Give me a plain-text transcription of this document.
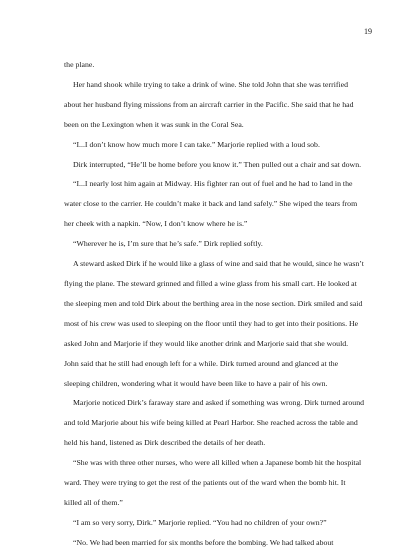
19

the plane.

Her hand shook while trying to take a drink of wine. She told John that she was terrified about her husband flying missions from an aircraft carrier in the Pacific. She said that he had been on the Lexington when it was sunk in the Coral Sea.

“I...I don’t know how much more I can take.” Marjorie replied with a loud sob.

Dirk interrupted, “He’ll be home before you know it.” Then pulled out a chair and sat down.

“I...I nearly lost him again at Midway. His fighter ran out of fuel and he had to land in the water close to the carrier. He couldn’t make it back and land safely.” She wiped the tears from her cheek with a napkin. “Now, I don’t know where he is.”

“Wherever he is, I’m sure that he’s safe.” Dirk replied softly.

A steward asked Dirk if he would like a glass of wine and said that he would, since he wasn’t flying the plane. The steward grinned and filled a wine glass from his small cart. He looked at the sleeping men and told Dirk about the berthing area in the nose section. Dirk smiled and said most of his crew was used to sleeping on the floor until they had to get into their positions. He asked John and Marjorie if they would like another drink and Marjorie said that she would. John said that he still had enough left for a while. Dirk turned around and glanced at the sleeping children, wondering what it would have been like to have a pair of his own.

Marjorie noticed Dirk’s faraway stare and asked if something was wrong. Dirk turned around and told Marjorie about his wife being killed at Pearl Harbor. She reached across the table and held his hand, listened as Dirk described the details of her death.

“She was with three other nurses, who were all killed when a Japanese bomb hit the hospital ward. They were trying to get the rest of the patients out of the ward when the bomb hit. It killed all of them.”

“I am so very sorry, Dirk.” Marjorie replied. “You had no children of your own?”

“No. We had been married for six months before the bombing. We had talked about
